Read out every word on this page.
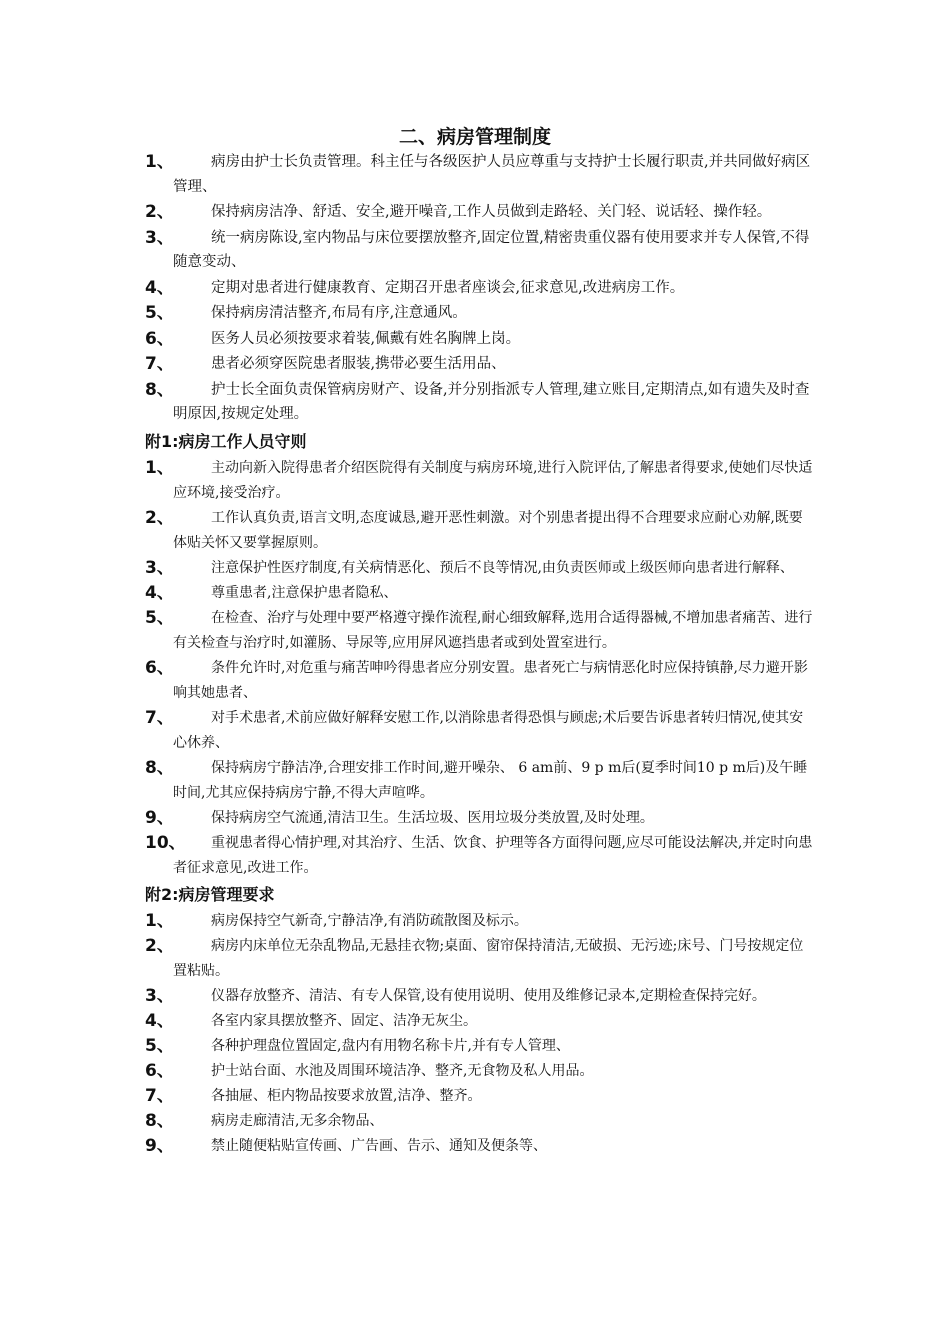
二、病房管理制度
1、	病房由护士长负责管理。科主任与各级医护人员应尊重与支持护士长履行职责,并共同做好病区管理、
2、	保持病房洁净、舒适、安全,避开噪音,工作人员做到走路轻、关门轻、说话轻、操作轻。
3、	统一病房陈设,室内物品与床位要摆放整齐,固定位置,精密贵重仪器有使用要求并专人保管,不得随意变动、
4、	定期对患者进行健康教育、定期召开患者座谈会,征求意见,改进病房工作。
5、	保持病房清洁整齐,布局有序,注意通风。
6、	医务人员必须按要求着装,佩戴有姓名胸牌上岗。
7、	患者必须穿医院患者服装,携带必要生活用品、
8、	护士长全面负责保管病房财产、设备,并分别指派专人管理,建立账目,定期清点,如有遗失及时查明原因,按规定处理。
附1:病房工作人员守则
1、	主动向新入院得患者介绍医院得有关制度与病房环境,进行入院评估,了解患者得要求,使她们尽快适应环境,接受治疗。
2、	工作认真负责,语言文明,态度诚恳,避开恶性刺激。对个别患者提出得不合理要求应耐心劝解,既要体贴关怀又要掌握原则。
3、	注意保护性医疗制度,有关病情恶化、预后不良等情况,由负责医师或上级医师向患者进行解释、
4、	尊重患者,注意保护患者隐私、
5、	在检查、治疗与处理中要严格遵守操作流程,耐心细致解释,选用合适得器械,不增加患者痛苦、进行有关检查与治疗时,如灌肠、导尿等,应用屏风遮挡患者或到处置室进行。
6、	条件允许时,对危重与痛苦呻吟得患者应分别安置。患者死亡与病情恶化时应保持镇静,尽力避开影响其她患者、
7、	对手术患者,术前应做好解释安慰工作,以消除患者得恐惧与顾虑;术后要告诉患者转归情况,使其安心休养、
8、	保持病房宁静洁净,合理安排工作时间,避开噪杂、 6 am前、9 p m后(夏季时间10 p m后)及午睡时间,尤其应保持病房宁静,不得大声喧哗。
9、	保持病房空气流通,清洁卫生。生活垃圾、医用垃圾分类放置,及时处理。
10、	重视患者得心情护理,对其治疗、生活、饮食、护理等各方面得问题,应尽可能设法解决,并定时向患者征求意见,改进工作。
附2:病房管理要求
1、	病房保持空气新奇,宁静洁净,有消防疏散图及标示。
2、	病房内床单位无杂乱物品,无悬挂衣物;桌面、窗帘保持清洁,无破损、无污迹;床号、门号按规定位置粘贴。
3、	仪器存放整齐、清洁、有专人保管,设有使用说明、使用及维修记录本,定期检查保持完好。
4、	各室内家具摆放整齐、固定、洁净无灰尘。
5、	各种护理盘位置固定,盘内有用物名称卡片,并有专人管理、
6、	护士站台面、水池及周围环境洁净、整齐,无食物及私人用品。
7、	各抽屉、柜内物品按要求放置,洁净、整齐。
8、	病房走廊清洁,无多余物品、
9、	禁止随便粘贴宣传画、广告画、告示、通知及便条等、
